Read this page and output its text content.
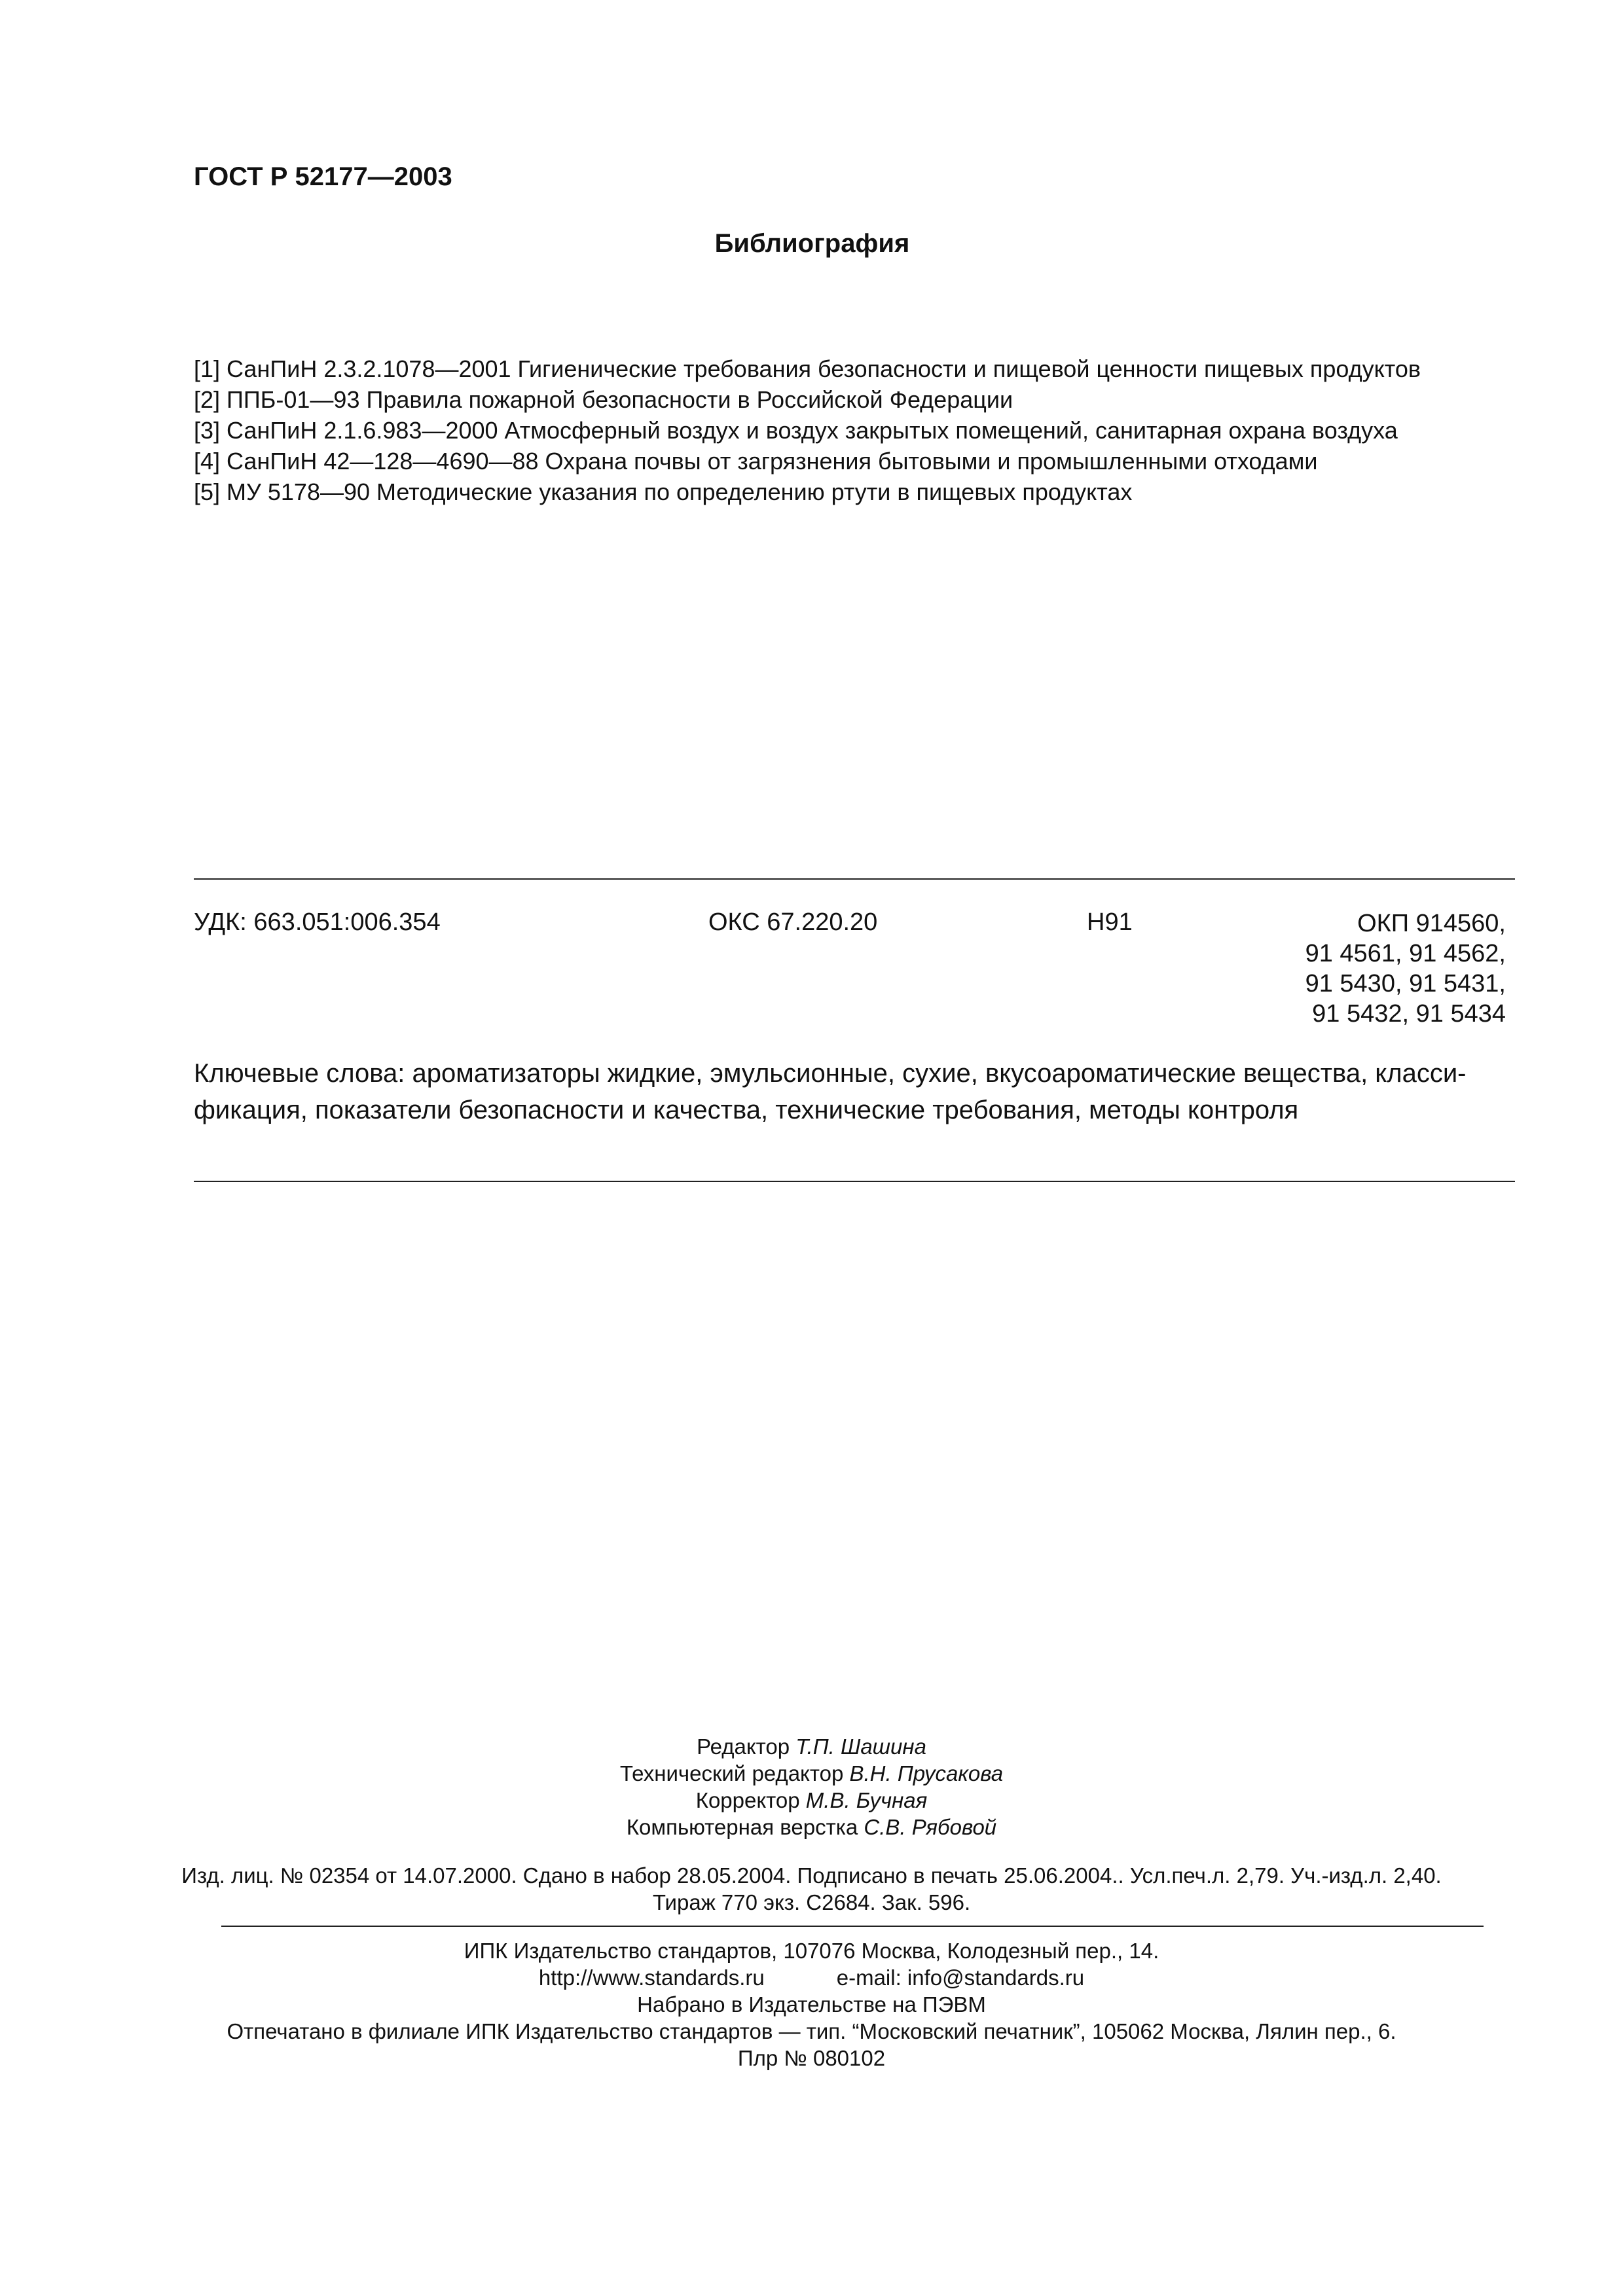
ГОСТ Р 52177—2003
Библиография
[1] СанПиН 2.3.2.1078—2001 Гигиенические требования безопасности и пищевой ценности пищевых продуктов
[2] ППБ-01—93 Правила пожарной безопасности в Российской Федерации
[3] СанПиН 2.1.6.983—2000 Атмосферный воздух и воздух закрытых помещений, санитарная охрана воздуха
[4] СанПиН 42—128—4690—88 Охрана почвы от загрязнения бытовыми и промышленными отходами
[5] МУ 5178—90 Методические указания по определению ртути в пищевых продуктах
УДК: 663.051:006.354	ОКС 67.220.20	Н91	ОКП 914560,
91 4561, 91 4562,
91 5430, 91 5431,
91 5432, 91 5434
Ключевые слова: ароматизаторы жидкие, эмульсионные, сухие, вкусоароматические вещества, класси-фикация, показатели безопасности и качества, технические требования, методы контроля
Редактор Т.П. Шашина
Технический редактор В.Н. Прусакова
Корректор М.В. Бучная
Компьютерная верстка С.В. Рябовой
Изд. лиц. № 02354 от 14.07.2000. Сдано в набор 28.05.2004. Подписано в печать 25.06.2004.. Усл.печ.л. 2,79. Уч.-изд.л. 2,40.
Тираж 770 экз. С2684. Зак. 596.
ИПК Издательство стандартов, 107076 Москва, Колодезный пер., 14.
http://www.standards.ru	e-mail: info@standards.ru
Набрано в Издательстве на ПЭВМ
Отпечатано в филиале ИПК Издательство стандартов — тип. “Московский печатник”, 105062 Москва, Лялин пер., 6.
Плр № 080102
